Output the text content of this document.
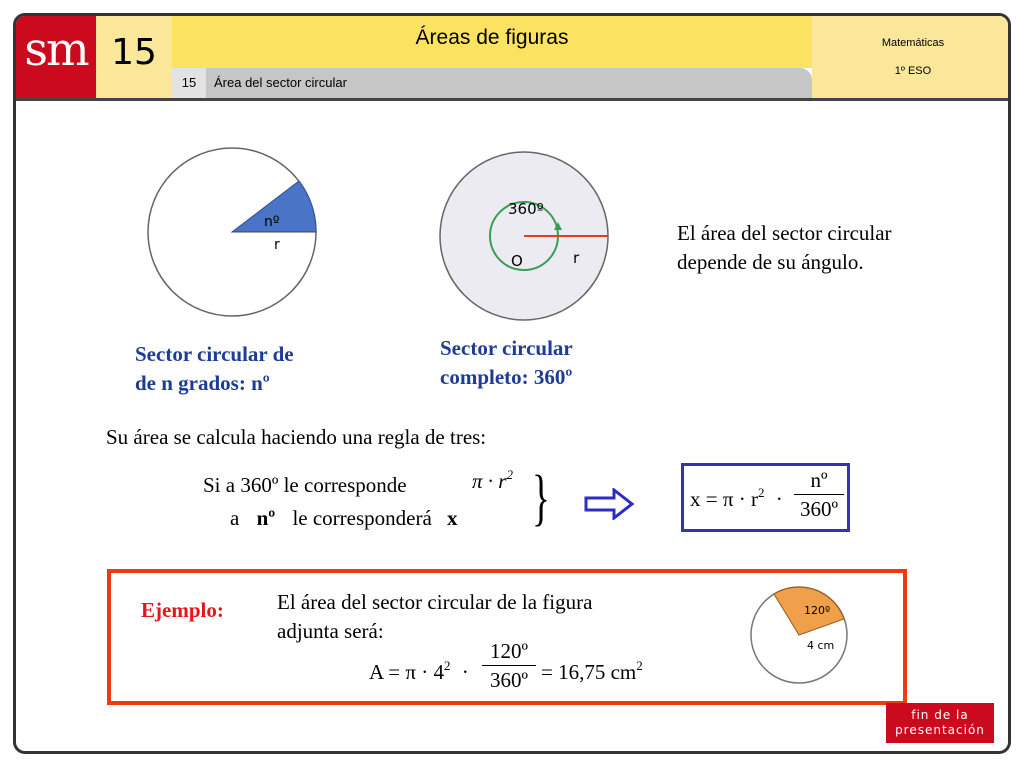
sm 15	Áreas de figuras
15	Área del sector circular
Matemáticas
1º ESO
nº
r
360º
O	r
Sector circular de
de n grados: nº
Sector circular
completo: 360º
El área del sector circular
depende de su ángulo.
Su área se calcula haciendo una regla de tres:
Si a 360º le corresponde	$\pi \cdot r^2$
a nº le corresponderá x }	$x = \pi \cdot r^2$ ·
nº
360º
Ejemplo:	El área del sector circular de la figura
adjunta será:
$A = \pi \cdot 4^2$ ·
120º
360º = 16,75 $cm^2$
120º
4 cm
fin de la
presentación
